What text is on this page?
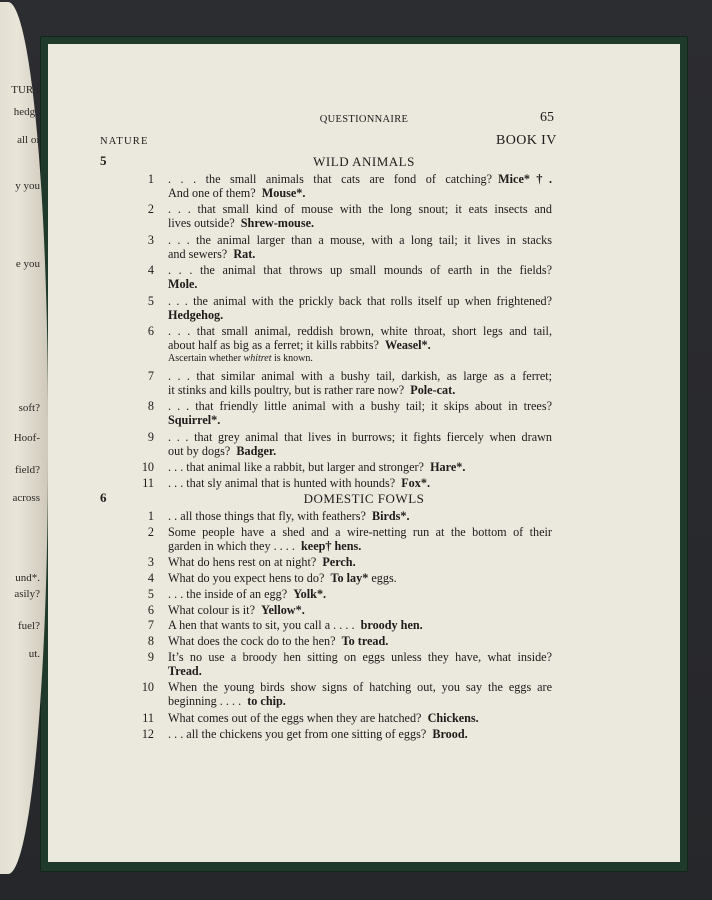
TURE
hedge
all or
y you
e you
soft?
Hoof-
field?
across
und*.
asily?
fuel?
ut.
QUESTIONNAIRE	65
NATURE	BOOK IV
5	WILD ANIMALS
1 . . . the small animals that cats are fond of catching?  Mice*†.
And one of them?  Mouse*.
2 . . . that small kind of mouse with the long snout; it eats insects and
lives outside?  Shrew-mouse.
3 . . . the animal larger than a mouse, with a long tail; it lives in stacks
and sewers?  Rat.
4 . . . the animal that throws up small mounds of earth in the fields?
Mole.
5 . . . the animal with the prickly back that rolls itself up when frightened?
Hedgehog.
6 . . . that small animal, reddish brown, white throat, short legs and tail,
about half as big as a ferret; it kills rabbits?  Weasel*.
Ascertain whether whitret is known.
7 . . . that similar animal with a bushy tail, darkish, as large as a ferret;
it stinks and kills poultry, but is rather rare now?  Pole-cat.
8 . . . that friendly little animal with a bushy tail; it skips about in trees?
Squirrel*.
9 . . . that grey animal that lives in burrows; it fights fiercely when drawn
out by dogs?  Badger.
10 . . . that animal like a rabbit, but larger and stronger?  Hare*.
11 . . . that sly animal that is hunted with hounds?  Fox*.
6	DOMESTIC FOWLS
1 . . all those things that fly, with feathers?  Birds*.
2 Some people have a shed and a wire-netting run at the bottom of their
garden in which they . . . .  keep† hens.
3 What do hens rest on at night?  Perch.
4 What do you expect hens to do?  To lay* eggs.
5 . . . the inside of an egg?  Yolk*.
6 What colour is it?  Yellow*.
7 A hen that wants to sit, you call a . . . .  broody hen.
8 What does the cock do to the hen?  To tread.
9 It’s no use a broody hen sitting on eggs unless they have, what inside?
Tread.
10 When the young birds show signs of hatching out, you say the eggs are
beginning . . . .  to chip.
11 What comes out of the eggs when they are hatched?  Chickens.
12 . . . all the chickens you get from one sitting of eggs?  Brood.
